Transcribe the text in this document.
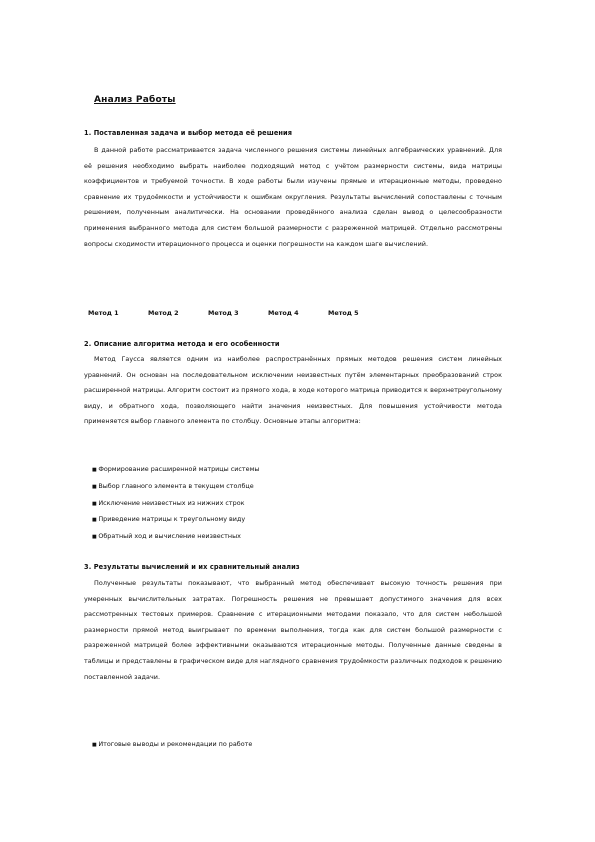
Анализ Работы
1. Поставленная задача и выбор метода её решения
В данной работе рассматривается задача численного решения системы линейных алгебраических уравнений. Для её решения необходимо выбрать наиболее подходящий метод с учётом размерности системы, вида матрицы коэффициентов и требуемой точности. В ходе работы были изучены прямые и итерационные методы, проведено сравнение их трудоёмкости и устойчивости к ошибкам округления. Результаты вычислений сопоставлены с точным решением, полученным аналитически. На основании проведённого анализа сделан вывод о целесообразности применения выбранного метода для систем большой размерности с разреженной матрицей. Отдельно рассмотрены вопросы сходимости итерационного процесса и оценки погрешности на каждом шаге вычислений.
Метод 1	Метод 2	Метод 3	Метод 4	Метод 5
2. Описание алгоритма метода и его особенности
Метод Гаусса является одним из наиболее распространённых прямых методов решения систем линейных уравнений. Он основан на последовательном исключении неизвестных путём элементарных преобразований строк расширенной матрицы. Алгоритм состоит из прямого хода, в ходе которого матрица приводится к верхнетреугольному виду, и обратного хода, позволяющего найти значения неизвестных. Для повышения устойчивости метода применяется выбор главного элемента по столбцу. Основные этапы алгоритма:
■ Формирование расширенной матрицы системы
■ Выбор главного элемента в текущем столбце
■ Исключение неизвестных из нижних строк
■ Приведение матрицы к треугольному виду
■ Обратный ход и вычисление неизвестных
3. Результаты вычислений и их сравнительный анализ
Полученные результаты показывают, что выбранный метод обеспечивает высокую точность решения при умеренных вычислительных затратах. Погрешность решения не превышает допустимого значения для всех рассмотренных тестовых примеров. Сравнение с итерационными методами показало, что для систем небольшой размерности прямой метод выигрывает по времени выполнения, тогда как для систем большой размерности с разреженной матрицей более эффективными оказываются итерационные методы. Полученные данные сведены в таблицы и представлены в графическом виде для наглядного сравнения трудоёмкости различных подходов к решению поставленной задачи.
■ Итоговые выводы и рекомендации по работе
